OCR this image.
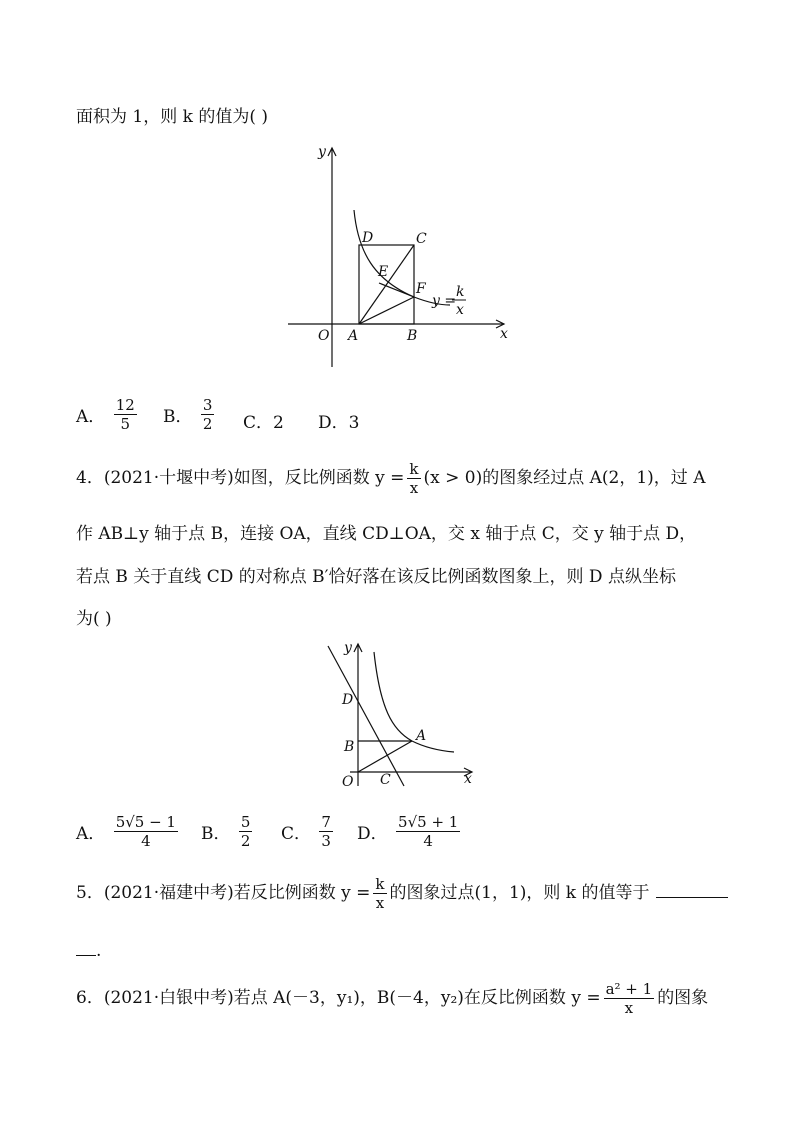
面积为 1，则 k 的值为( )
y
x
O A	B
C
D
E
F
y =
k
x
A． $\frac{12}{5}$ B． $\frac{3}{2}$ C．2 D．3
4．(2021·十堰中考)如图，反比例函数 $y = \frac{k}{x} (x > 0)$的图象经过点 A(2，1)，过 A
作 AB⊥y 轴于点 B，连接 OA，直线 CD⊥OA，交 x 轴于点 C，交 y 轴于点 D，
若点 B 关于直线 CD 的对称点 B′恰好落在该反比例函数图象上，则 D 点纵坐标
为( )
y
x
O C
D
B
A
A． $\frac{5√5 - 1}{4}$ B． $\frac{5}{2}$ C． $\frac{7}{3}$ D． $\frac{5√5 + 1}{4}$
5．(2021·福建中考)若反比例函数 $y = \frac{k}{x}$ 的图象过点(1，1)，则 k 的值等于
.
6．(2021·白银中考)若点 A(－3，y₁)，B(－4，y₂)在反比例函数 $y = \frac{\text{a² + 1}}{x}$ 的图象
